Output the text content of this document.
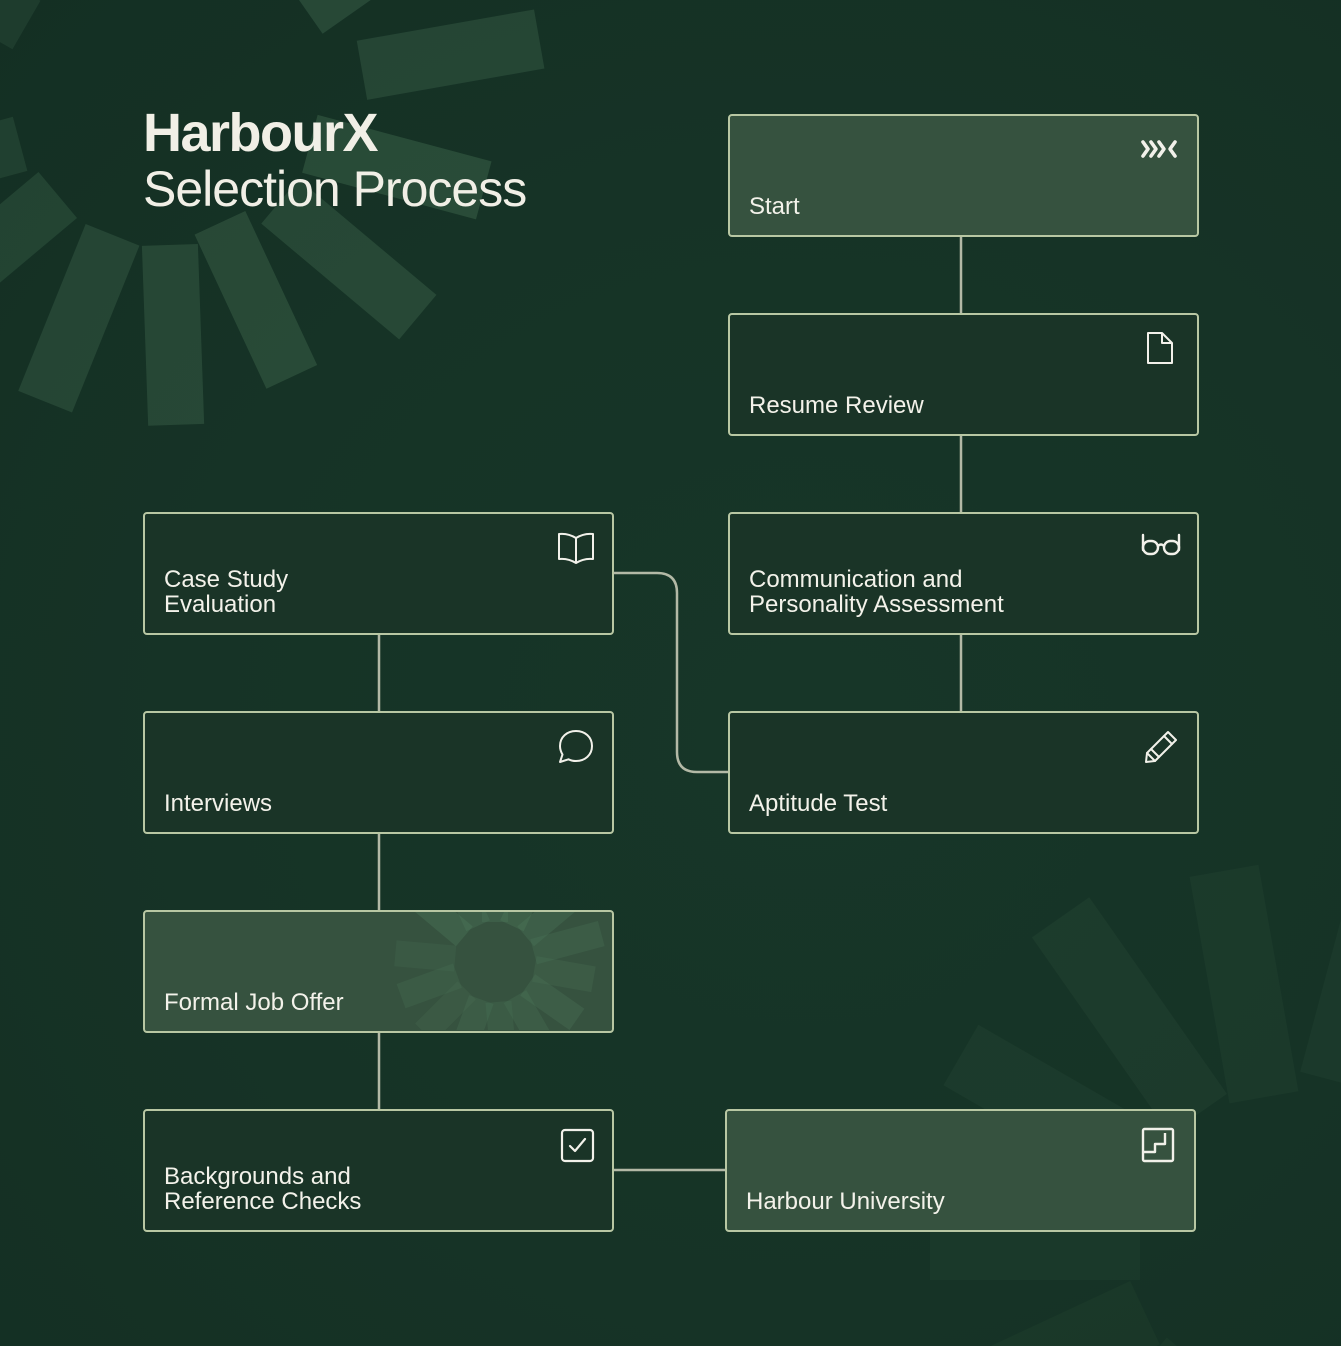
HarbourX
Selection Process	Start
Resume Review
Communication and
Personality Assessment
Aptitude Test
Case Study
Evaluation
Interviews
Formal Job Offer
Backgrounds and
Reference Checks	Harbour University
